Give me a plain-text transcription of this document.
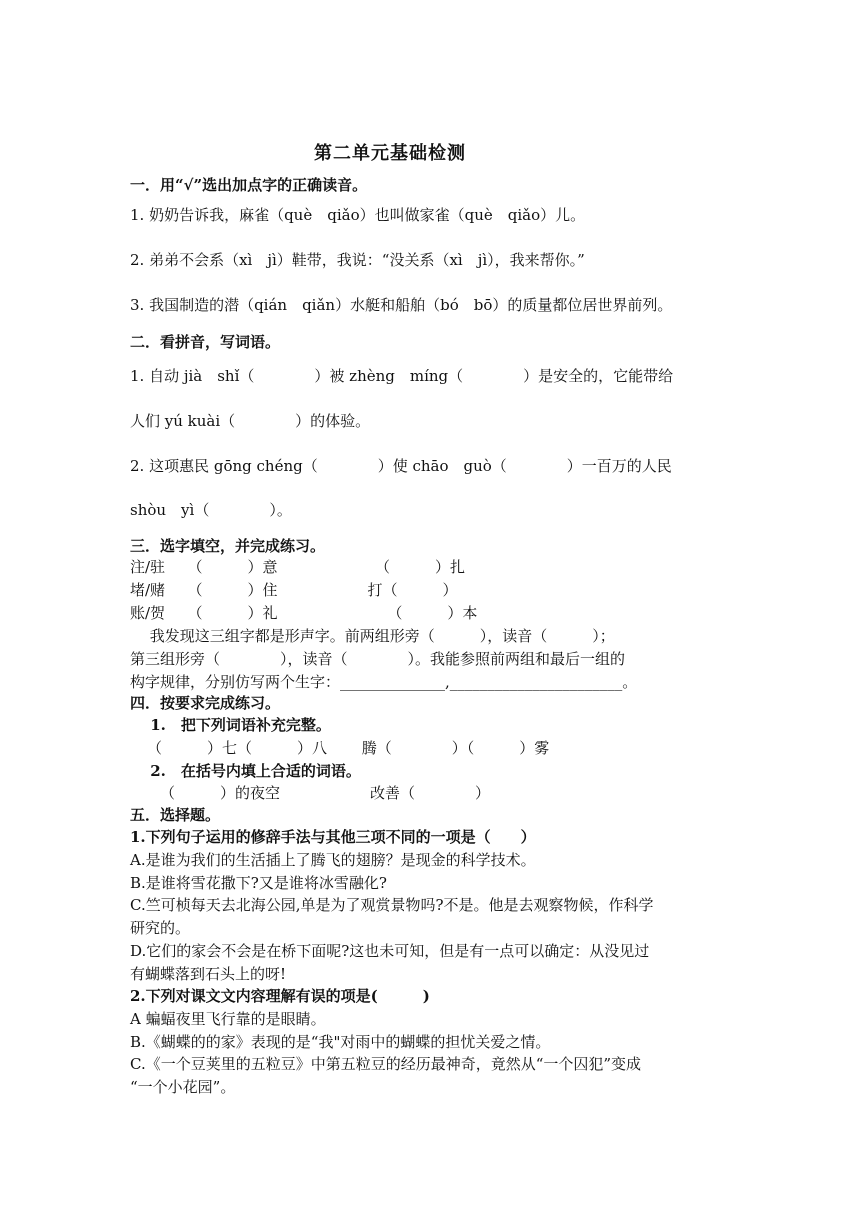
第二单元基础检测
一．用“√”选出加点字的正确读音。
1. 奶奶告诉我，麻雀（què　qiǎo）也叫做家雀（què　qiǎo）儿。
2. 弟弟不会系（xì　jì）鞋带，我说：“没关系（xì　jì），我来帮你。”
3. 我国制造的潜（qián　qiǎn）水艇和船舶（bó　bō）的质量都位居世界前列。
二．看拼音，写词语。
1. 自动 jià　shǐ（　　　　）被 zhèng　míng（　　　　）是安全的，它能带给
人们 yú kuài（　　　　）的体验。
2. 这项惠民 gōng chéng（　　　　）使 chāo　guò（　　　　）一百万的人民
shòu　yì（　　　　）。
三．选字填空，并完成练习。
注/驻　　（　　　）意　　　　　　　（　　　）扎
堵/赌　　（　　　）住　　　　　　打（　　　）
账/贺　　（　　　）礼　　　　　　　 （　　　）本
　 我发现这三组字都是形声字。前两组形旁（　　　），读音（　　　）；
第三组形旁（　　　　），读音（　　　　）。我能参照前两组和最后一组的
构字规律，分别仿写两个生字：______________,_______________________。
四．按要求完成练习。
　 1.　把下列词语补充完整。
（　　　）七（　　　）八　　 腾（　　　　）（　　　）雾
　 2.　在括号内填上合适的词语。
（　　　）的夜空　　　　　　改善（　　　　）
五．选择题。
1.下列句子运用的修辞手法与其他三项不同的一项是（　　）
A.是谁为我们的生活插上了腾飞的翅膀？是现金的科学技术。
B.是谁将雪花撒下?又是谁将冰雪融化?
C.竺可桢每天去北海公园,单是为了观赏景物吗?不是。他是去观察物候，作科学
研究的。
D.它们的家会不会是在桥下面呢?这也未可知，但是有一点可以确定：从没见过
有蝴蝶落到石头上的呀!
2.下列对课文文内容理解有误的项是(　　　)
A 蝙蝠夜里飞行靠的是眼睛。
B.《蝴蝶的的家》表现的是“我"对雨中的蝴蝶的担忧关爱之情。
C.《一个豆荚里的五粒豆》中第五粒豆的经历最神奇，竟然从“一个囚犯”变成
“一个小花园”。
